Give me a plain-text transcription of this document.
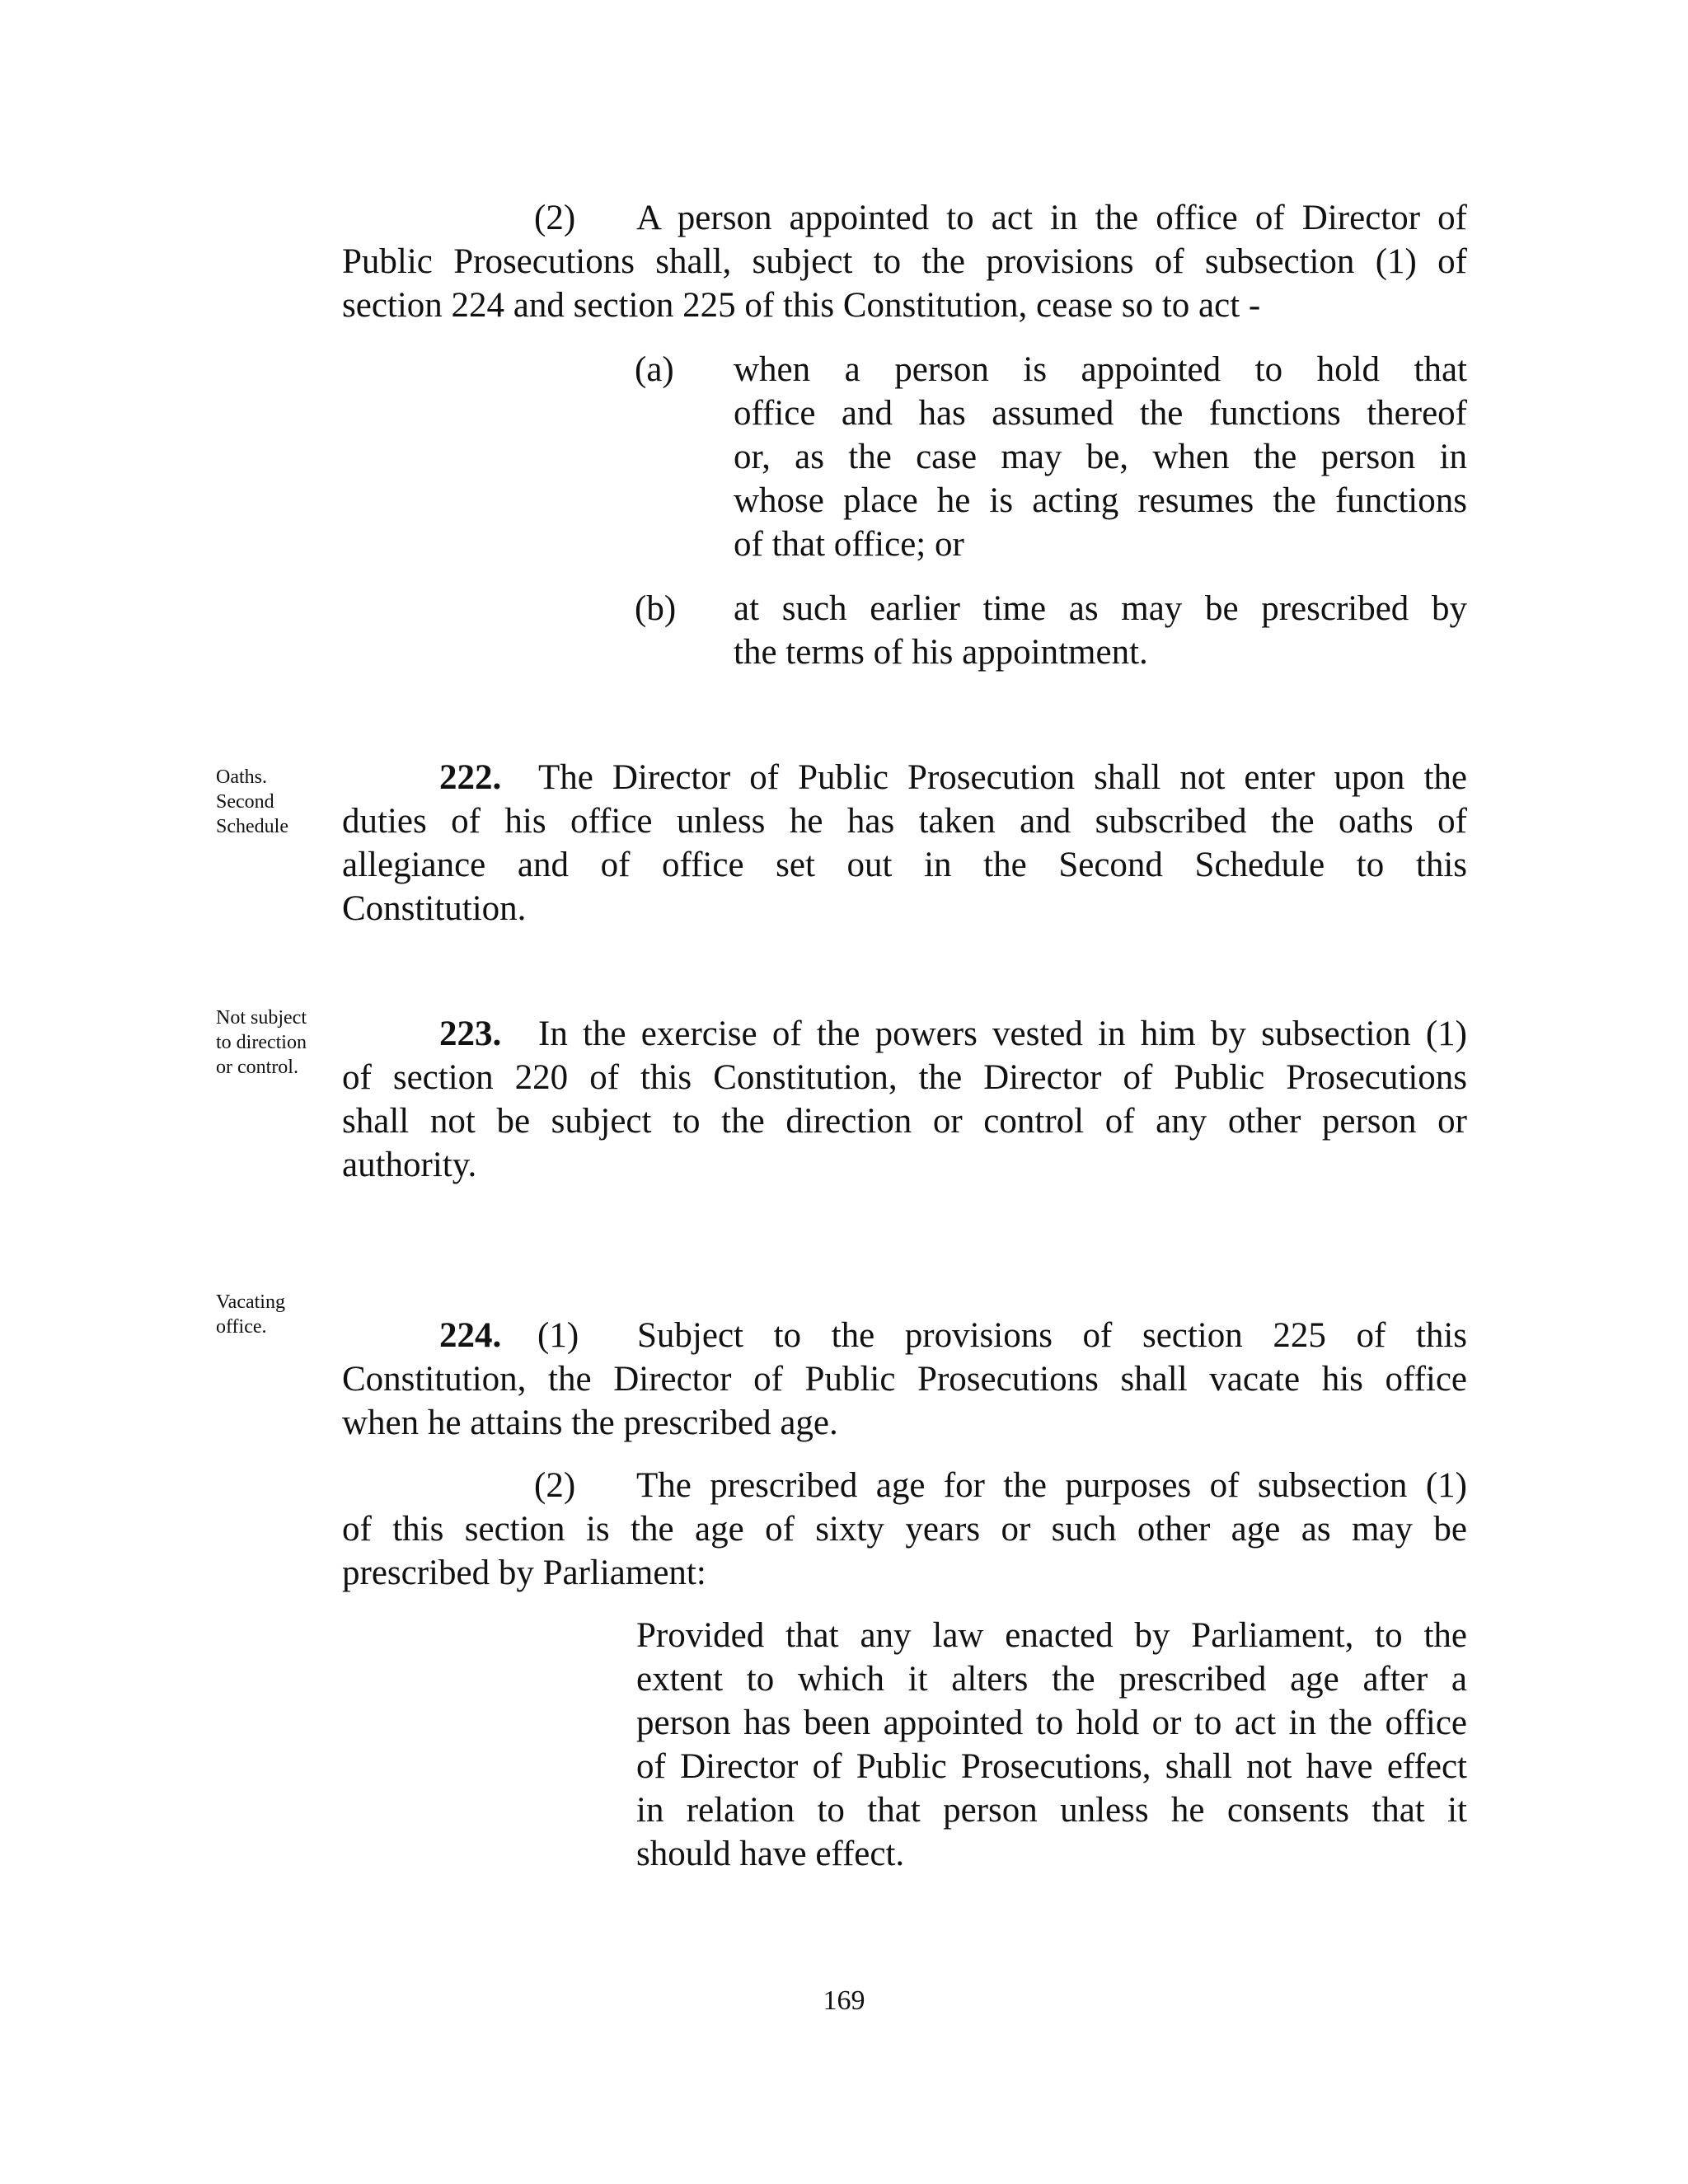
(2)	A person appointed to act in the office of Director of
Public Prosecutions shall, subject to the provisions of subsection (1) of
section 224 and section 225 of this Constitution, cease so to act -
(a) when a person is appointed to hold that
office and has assumed the functions thereof
or, as the case may be, when the person in
whose place he is acting resumes the functions
of that office; or
(b) at such earlier time as may be prescribed by
the terms of his appointment.
Oaths.
Second
Schedule
222.	The Director of Public Prosecution shall not enter upon the
duties of his office unless he has taken and subscribed the oaths of
allegiance and of office set out in the Second Schedule to this
Constitution.
Not subject
to direction
or control.
223.	In the exercise of the powers vested in him by subsection (1)
of section 220 of this Constitution, the Director of Public Prosecutions
shall not be subject to the direction or control of any other person or
authority.
Vacating
office.	224. (1)	Subject to the provisions of section 225 of this
Constitution, the Director of Public Prosecutions shall vacate his office
when he attains the prescribed age.
(2)	The prescribed age for the purposes of subsection (1)
of this section is the age of sixty years or such other age as may be
prescribed by Parliament:
Provided that any law enacted by Parliament, to the
extent to which it alters the prescribed age after a
person has been appointed to hold or to act in the office
of Director of Public Prosecutions, shall not have effect
in relation to that person unless he consents that it
should have effect.
169
